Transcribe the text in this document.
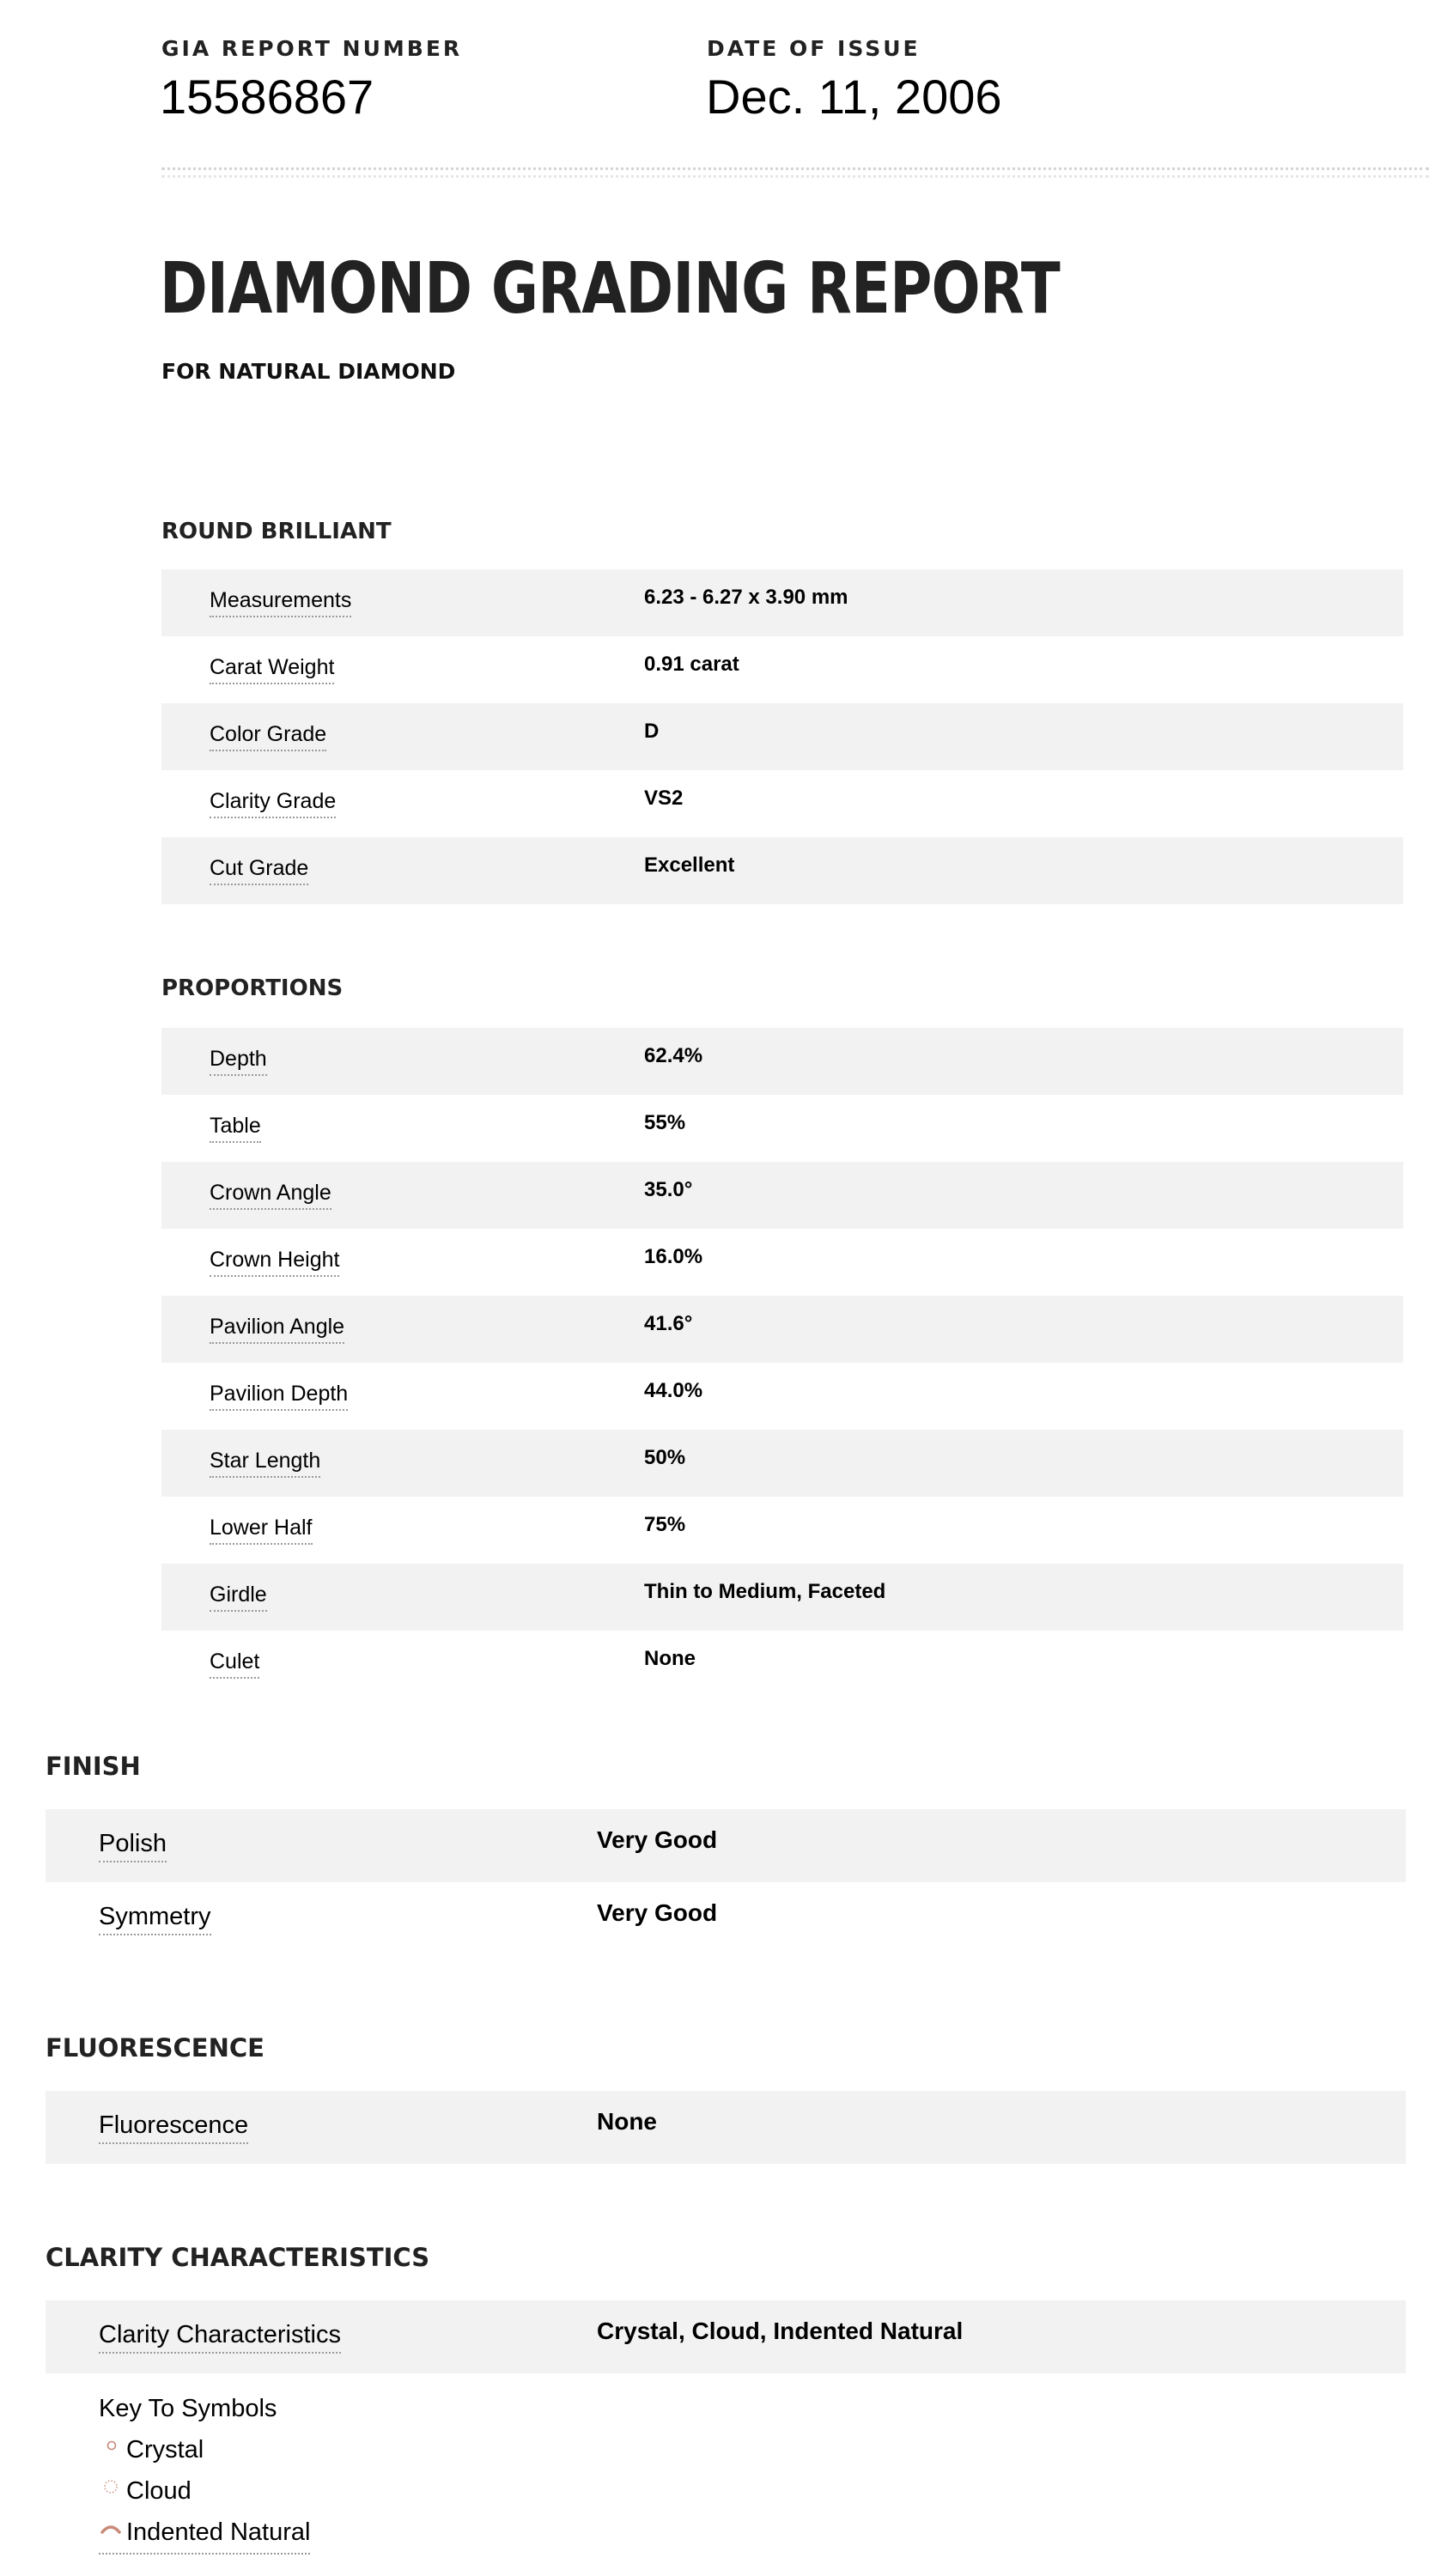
GIA REPORT NUMBER
15586867
DATE OF ISSUE
Dec. 11, 2006
DIAMOND GRADING REPORT
FOR NATURAL DIAMOND
ROUND BRILLIANT
Measurements	6.23 - 6.27 x 3.90 mm
Carat Weight	0.91 carat
Color Grade	D
Clarity Grade	VS2
Cut Grade	Excellent
PROPORTIONS
Depth	62.4%
Table	55%
Crown Angle	35.0°
Crown Height	16.0%
Pavilion Angle	41.6°
Pavilion Depth	44.0%
Star Length	50%
Lower Half	75%
Girdle	Thin to Medium, Faceted
Culet	None
FINISH
Polish	Very Good
Symmetry	Very Good
FLUORESCENCE
Fluorescence	None
CLARITY CHARACTERISTICS
Clarity Characteristics	Crystal, Cloud, Indented Natural
Key To Symbols
Crystal
Cloud
Indented Natural
